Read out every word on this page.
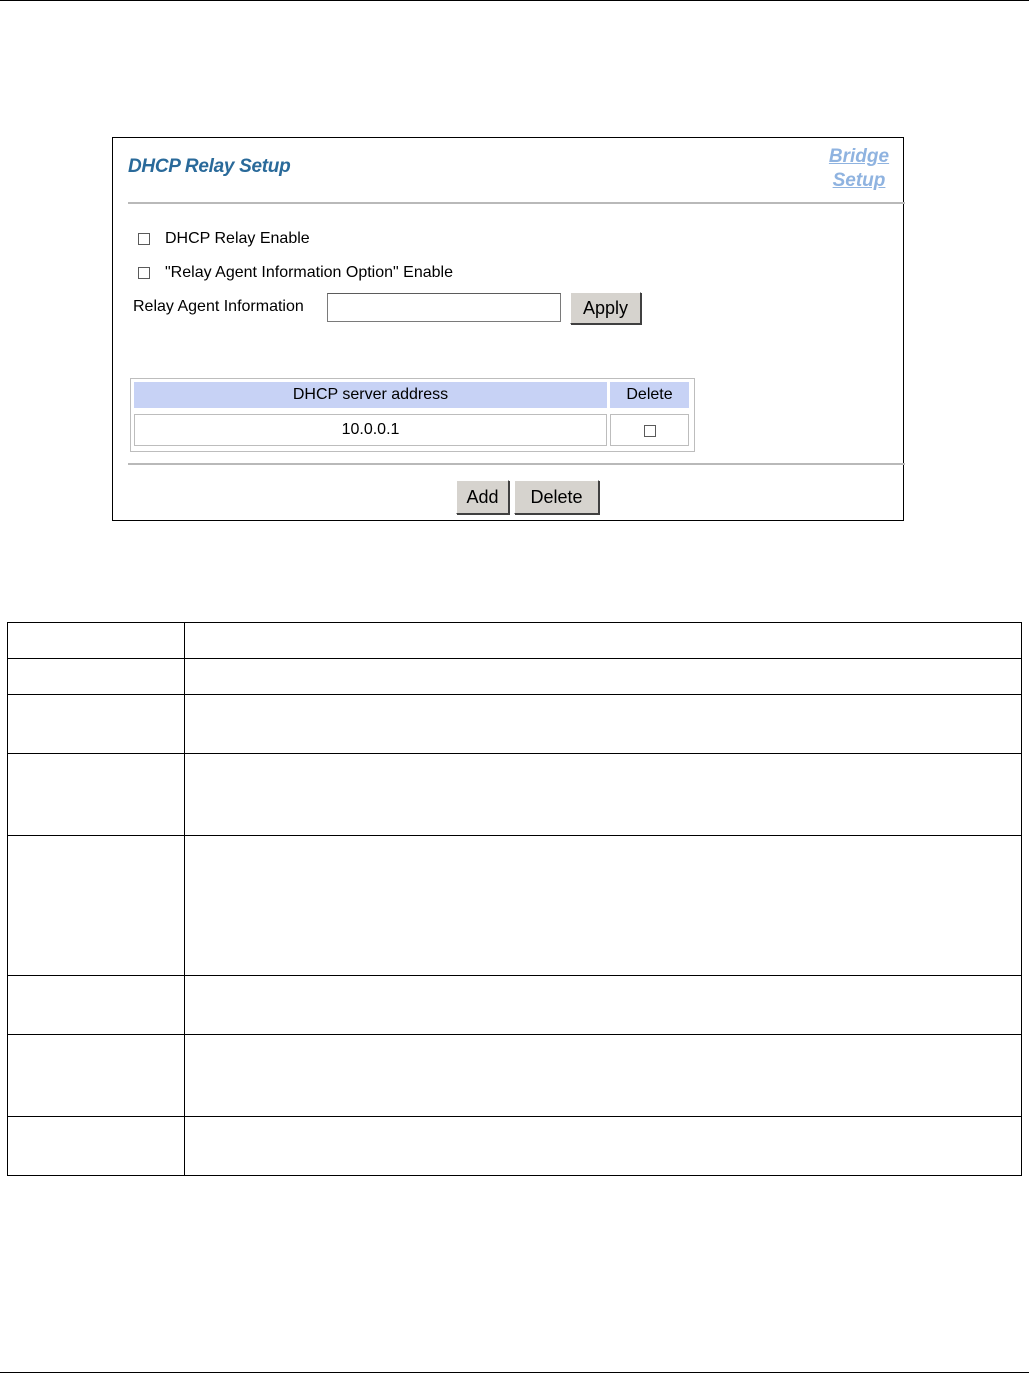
DHCP Relay Setup	Bridge
Setup
DHCP Relay Enable
"Relay Agent Information Option" Enable
Relay Agent Information	Apply
DHCP server address	Delete
10.0.0.1
Add	Delete
